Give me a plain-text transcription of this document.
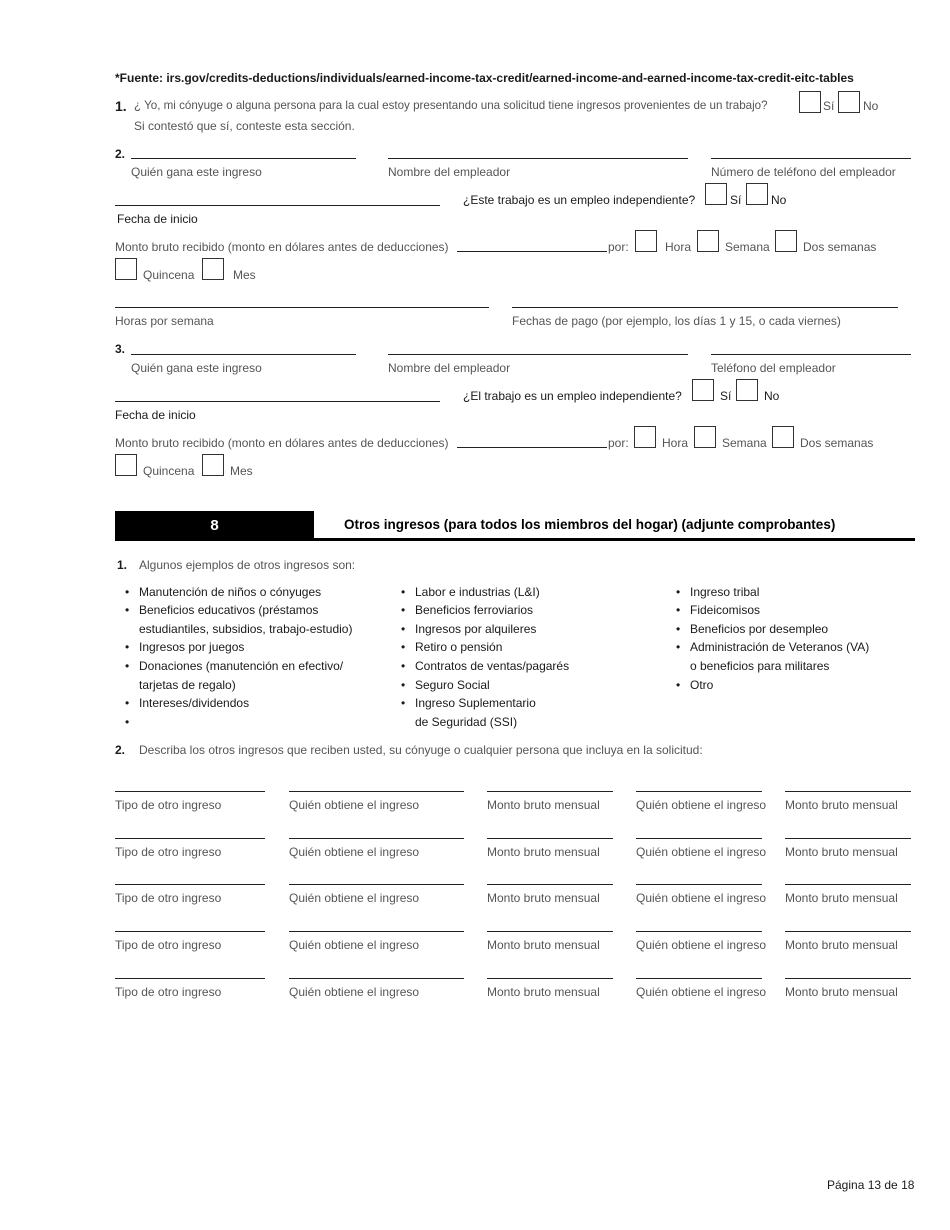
*Fuente: irs.gov/credits-deductions/individuals/earned-income-tax-credit/earned-income-and-earned-income-tax-credit-eitc-tables
1. ¿ Yo, mi cónyuge o alguna persona para la cual estoy presentando una solicitud tiene ingresos provenientes de un trabajo?	Sí No
Si contestó que sí, conteste esta sección.
2.
Quién gana este ingreso	Nombre del empleador	Número de teléfono del empleador
¿Este trabajo es un empleo independiente?	Sí No
Fecha de inicio
Monto bruto recibido (monto en dólares antes de deducciones)	por:	Hora	Semana	Dos semanas
Quincena	Mes
Horas por semana	Fechas de pago (por ejemplo, los días 1 y 15, o cada viernes)
3.
Quién gana este ingreso	Nombre del empleador	Teléfono del empleador
¿El trabajo es un empleo independiente?	Sí	No
Fecha de inicio
Monto bruto recibido (monto en dólares antes de deducciones)	por:	Hora	Semana	Dos semanas
Quincena	Mes
8	Otros ingresos (para todos los miembros del hogar) (adjunte comprobantes)
1. Algunos ejemplos de otros ingresos son:
• Manutención de niños o cónyuges
• Beneficios educativos (préstamos
estudiantiles, subsidios, trabajo-estudio)
• Ingresos por juegos
• Donaciones (manutención en efectivo/
tarjetas de regalo)
• Intereses/dividendos
•
• Labor e industrias (L&I)
• Beneficios ferroviarios
• Ingresos por alquileres
• Retiro o pensión
• Contratos de ventas/pagarés
• Seguro Social
• Ingreso Suplementario
de Seguridad (SSI)
• Ingreso tribal
• Fideicomisos
• Beneficios por desempleo
• Administración de Veteranos (VA)
o beneficios para militares
• Otro
2. Describa los otros ingresos que reciben usted, su cónyuge o cualquier persona que incluya en la solicitud:
Tipo de otro ingreso	Quién obtiene el ingreso	Monto bruto mensual	Quién obtiene el ingreso Monto bruto mensual
Tipo de otro ingreso	Quién obtiene el ingreso	Monto bruto mensual	Quién obtiene el ingreso Monto bruto mensual
Tipo de otro ingreso	Quién obtiene el ingreso	Monto bruto mensual	Quién obtiene el ingreso Monto bruto mensual
Tipo de otro ingreso	Quién obtiene el ingreso	Monto bruto mensual	Quién obtiene el ingreso Monto bruto mensual
Tipo de otro ingreso	Quién obtiene el ingreso	Monto bruto mensual	Quién obtiene el ingreso Monto bruto mensual
Página 13 de 18
